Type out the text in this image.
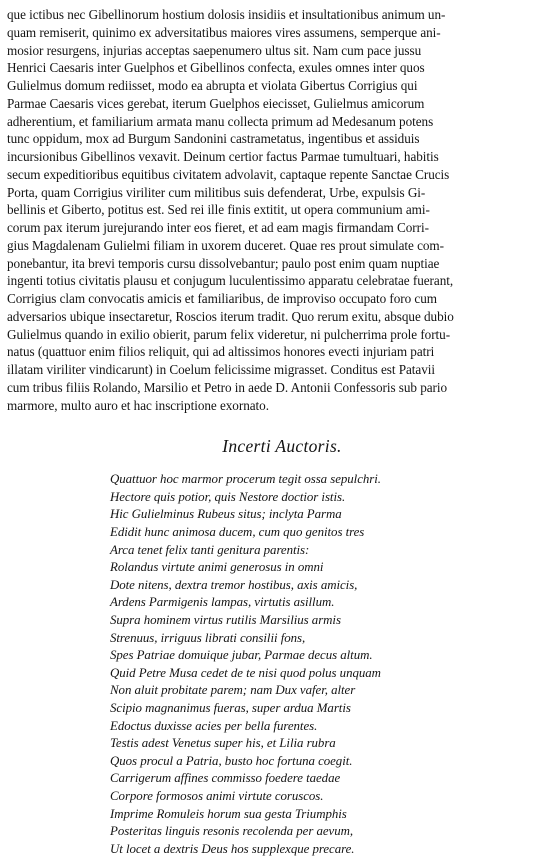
que ictibus nec Gibellinorum hostium dolosis insidiis et insultationibus animum un-
quam remiserit, quinimo ex adversitatibus maiores vires assumens, semperque ani-
mosior resurgens, injurias acceptas saepenumero ultus sit. Nam cum pace jussu
Henrici Caesaris inter Guelphos et Gibellinos confecta, exules omnes inter quos
Gulielmus domum rediisset, modo ea abrupta et violata Gibertus Corrigius qui
Parmae Caesaris vices gerebat, iterum Guelphos eiecisset, Gulielmus amicorum
adherentium, et familiarium armata manu collecta primum ad Medesanum potens
tunc oppidum, mox ad Burgum Sandonini castrametatus, ingentibus et assiduis
incursionibus Gibellinos vexavit. Deinum certior factus Parmae tumultuari, habitis
secum expeditioribus equitibus civitatem advolavit, captaque repente Sanctae Crucis
Porta, quam Corrigius viriliter cum militibus suis defenderat, Urbe, expulsis Gi-
bellinis et Giberto, potitus est. Sed rei ille finis extitit, ut opera communium ami-
corum pax iterum jurejurando inter eos fieret, et ad eam magis firmandam Corri-
gius Magdalenam Gulielmi filiam in uxorem duceret. Quae res prout simulate com-
ponebantur, ita brevi temporis cursu dissolvebantur; paulo post enim quam nuptiae
ingenti totius civitatis plausu et conjugum luculentissimo apparatu celebratae fuerant,
Corrigius clam convocatis amicis et familiaribus, de improviso occupato foro cum
adversarios ubique insectaretur, Roscios iterum tradit. Quo rerum exitu, absque dubio
Gulielmus quando in exilio obierit, parum felix videretur, ni pulcherrima prole fortu-
natus (quattuor enim filios reliquit, qui ad altissimos honores evecti injuriam patri
illatam viriliter vindicarunt) in Coelum felicissime migrasset. Conditus est Patavii
cum tribus filiis Rolando, Marsilio et Petro in aede D. Antonii Confessoris sub pario
marmore, multo auro et hac inscriptione exornato.
Incerti Auctoris.
Quattuor hoc marmor procerum tegit ossa sepulchri.
Hectore quis potior, quis Nestore doctior istis.
Hic Gulielminus Rubeus situs; inclyta Parma
Edidit hunc animosa ducem, cum quo genitos tres
Arca tenet felix tanti genitura parentis:
Rolandus virtute animi generosus in omni
Dote nitens, dextra tremor hostibus, axis amicis,
Ardens Parmigenis lampas, virtutis asillum.
Supra hominem virtus rutilis Marsilius armis
Strenuus, irriguus librati consilii fons,
Spes Patriae domuique jubar, Parmae decus altum.
Quid Petre Musa cedet de te nisi quod polus unquam
Non aluit probitate parem; nam Dux vafer, alter
Scipio magnanimus fueras, super ardua Martis
Edoctus duxisse acies per bella furentes.
Testis adest Venetus super his, et Lilia rubra
Quos procul a Patria, busto hoc fortuna coegit.
Carrigerum affines commisso foedere taedae
Corpore formosos animi virtute coruscos.
Imprime Romuleis horum sua gesta Triumphis
Posteritas linguis resonis recolenda per aevum,
Ut locet a dextris Deus hos supplexque precare.
